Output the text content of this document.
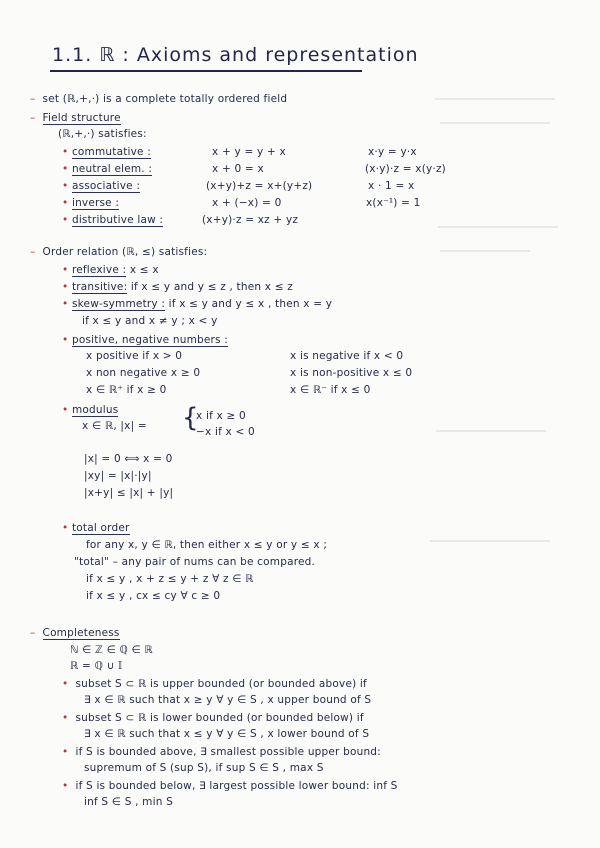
1.1. ℝ : Axioms and representation
– set (ℝ,+,·) is a complete totally ordered field
– Field structure
(ℝ,+,·) satisfies:
• commutative :	x + y = y + x	x·y = y·x
• neutral elem. :	x + 0 = x	(x·y)·z = x(y·z)
• associative :	(x+y)+z = x+(y+z)	x · 1 = x
• inverse :	x + (−x) = 0	x(x⁻¹) = 1
• distributive law :	(x+y)·z = xz + yz
– Order relation (ℝ, ≤) satisfies:
• reflexive : x ≤ x
• transitive: if x ≤ y and y ≤ z , then x ≤ z
• skew-symmetry : if x ≤ y and y ≤ x , then x = y
if x ≤ y and x ≠ y ; x < y
• positive, negative numbers :
x positive if x > 0	x is negative if x < 0
x non negative x ≥ 0	x is non-positive x ≤ 0
x ∈ ℝ⁺ if x ≥ 0	x ∈ ℝ⁻ if x ≤ 0
• modulus
x ∈ ℝ, |x| = {
x if x ≥ 0
−x if x < 0
|x| = 0 ⟺ x = 0
|xy| = |x|·|y|
|x+y| ≤ |x| + |y|
• total order
for any x, y ∈ ℝ, then either x ≤ y or y ≤ x ;
"total" – any pair of nums can be compared.
if x ≤ y , x + z ≤ y + z ∀ z ∈ ℝ
if x ≤ y , cx ≤ cy ∀ c ≥ 0
– Completeness
ℕ ∈ ℤ ∈ ℚ ∈ ℝ
ℝ = ℚ ∪ 𝕀
• subset S ⊂ ℝ is upper bounded (or bounded above) if
∃ x ∈ ℝ such that x ≥ y ∀ y ∈ S , x upper bound of S
• subset S ⊂ ℝ is lower bounded (or bounded below) if
∃ x ∈ ℝ such that x ≤ y ∀ y ∈ S , x lower bound of S
• if S is bounded above, ∃ smallest possible upper bound:
supremum of S (sup S), if sup S ∈ S , max S
• if S is bounded below, ∃ largest possible lower bound: inf S
inf S ∈ S , min S
